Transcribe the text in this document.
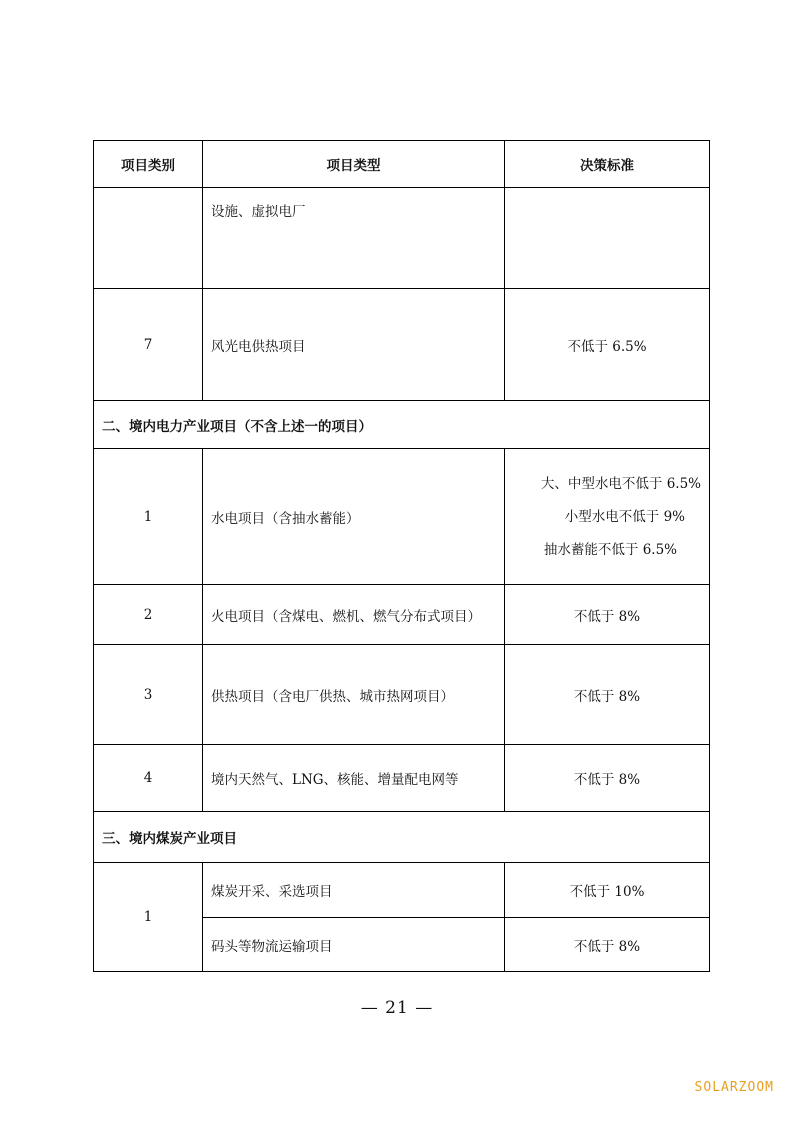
项目类别	项目类型	决策标准
	设施、虚拟电厂	
7	风光电供热项目	不低于 6.5%
二、境内电力产业项目（不含上述一的项目）		
1	水电项目（含抽水蓄能）	大、中型水电不低于 6.5%
小型水电不低于 9%
抽水蓄能不低于 6.5%

2	火电项目（含煤电、燃机、燃气分布式项目）	不低于 8%
3	供热项目（含电厂供热、城市热网项目）	不低于 8%
4	境内天然气、LNG、核能、增量配电网等	不低于 8%
三、境内煤炭产业项目		
1	煤炭开采、采选项目	不低于 10%
	码头等物流运输项目	不低于 8%
— 21 —
SOLARZOOM
